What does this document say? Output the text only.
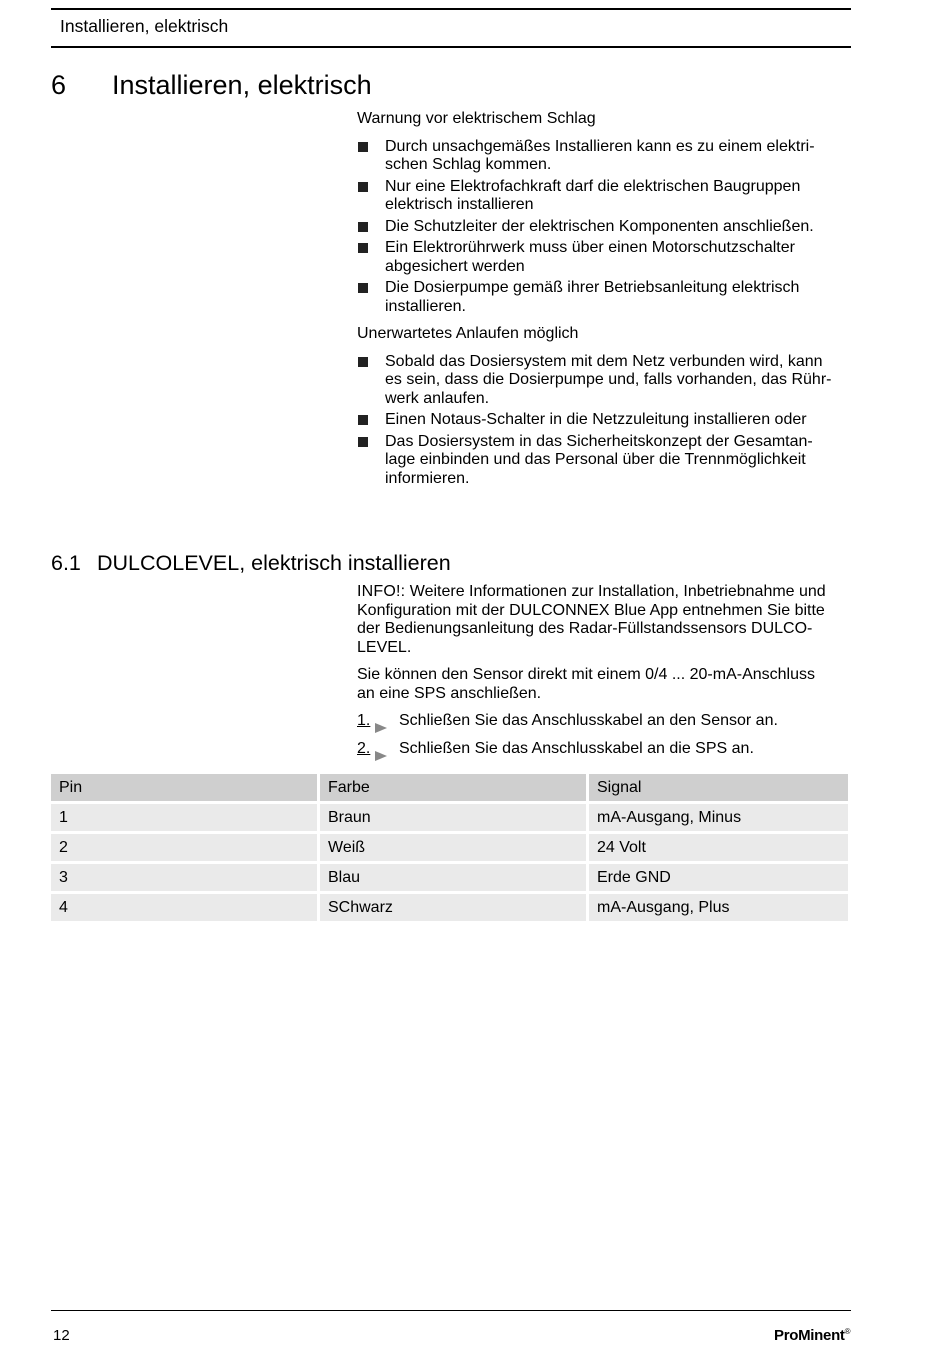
Installieren, elektrisch
6 Installieren, elektrisch

Warnung vor elektrischem Schlag

Durch unsachgemäßes Installieren kann es zu einem elektri-
schen Schlag kommen.
Nur eine Elektrofachkraft darf die elektrischen Baugruppen
elektrisch installieren
Die Schutzleiter der elektrischen Komponenten anschließen.
Ein Elektrorührwerk muss über einen Motorschutzschalter
abgesichert werden
Die Dosierpumpe gemäß ihrer Betriebsanleitung elektrisch
installieren.

Unerwartetes Anlaufen möglich

Sobald das Dosiersystem mit dem Netz verbunden wird, kann
es sein, dass die Dosierpumpe und, falls vorhanden, das Rühr-
werk anlaufen.
Einen Notaus-Schalter in die Netzzuleitung installieren oder
Das Dosiersystem in das Sicherheitskonzept der Gesamtan-
lage einbinden und das Personal über die Trennmöglichkeit
informieren.
6.1 DULCOLEVEL, elektrisch installieren

INFO!: Weitere Informationen zur Installation, Inbetriebnahme und
Konfiguration mit der DULCONNEX Blue App entnehmen Sie bitte
der Bedienungsanleitung des Radar-Füllstandssensors DULCO-
LEVEL.

Sie können den Sensor direkt mit einem 0/4 ... 20-mA-Anschluss
an eine SPS anschließen.

1.	Schließen Sie das Anschlusskabel an den Sensor an.
2.	Schließen Sie das Anschlusskabel an die SPS an.
Pin	Farbe	Signal
1	Braun	mA-Ausgang, Minus
2	Weiß	24 Volt
3	Blau	Erde GND
4	SChwarz	mA-Ausgang, Plus
12	ProMinent®
